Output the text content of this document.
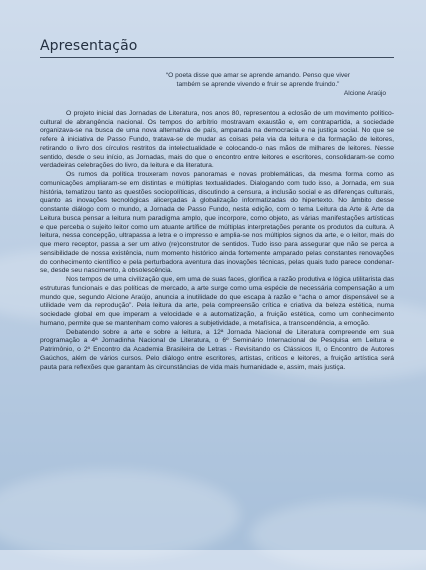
Apresentação
“O poeta disse que amar se aprende amando. Penso que viver
também se aprende vivendo e fruir se aprende fruindo.”
Alcione Araújo

O projeto inicial das Jornadas de Literatura, nos anos 80, representou a eclosão de um movimento político-cultural de abrangência nacional. Os tempos do arbítrio mostravam exaustão e, em contrapartida, a sociedade organizava-se na busca de uma nova alternativa de país, amparada na democracia e na justiça social. No que se refere à iniciativa de Passo Fundo, tratava-se de mudar as coisas pela via da leitura e da formação de leitores, retirando o livro dos círculos restritos da intelectualidade e colocando-o nas mãos de milhares de leitores. Nesse sentido, desde o seu início, as Jornadas, mais do que o encontro entre leitores e escritores, consolidaram-se como verdadeiras celebrações do livro, da leitura e da literatura.

Os rumos da política trouxeram novos panoramas e novas problemáticas, da mesma forma como as comunicações ampliaram-se em distintas e múltiplas textualidades. Dialogando com tudo isso, a Jornada, em sua história, tematizou tanto as questões sociopolíticas, discutindo a censura, a inclusão social e as diferenças culturais, quanto as inovações tecnológicas alicerçadas à globalização informatizadas do hipertexto. No âmbito desse constante diálogo com o mundo, a Jornada de Passo Fundo, nesta edição, com o tema Leitura da Arte & Arte da Leitura busca pensar a leitura num paradigma amplo, que incorpore, como objeto, as várias manifestações artísticas e que perceba o sujeito leitor como um atuante artífice de múltiplas interpretações perante os produtos da cultura. A leitura, nessa concepção, ultrapassa a letra e o impresso e amplia-se nos múltiplos signos da arte, e o leitor, mais do que mero receptor, passa a ser um ativo (re)construtor de sentidos. Tudo isso para assegurar que não se perca a sensibilidade de nossa existência, num momento histórico ainda fortemente amparado pelas constantes renovações do conhecimento científico e pela perturbadora aventura das inovações técnicas, pelas quais tudo parece condenar-se, desde seu nascimento, à obsolescência.

Nos tempos de uma civilização que, em uma de suas faces, glorifica a razão produtiva e lógica utilitarista das estruturas funcionais e das políticas de mercado, a arte surge como uma espécie de necessária compensação a um mundo que, segundo Alcione Araújo, anuncia a inutilidade do que escapa à razão e “acha o amor dispensável se a utilidade vem da reprodução”. Pela leitura da arte, pela compreensão crítica e criativa da beleza estética, numa sociedade global em que imperam a velocidade e a automatização, a fruição estética, como um conhecimento humano, permite que se mantenham como valores a subjetividade, a metafísica, a transcendência, a emoção.

Debatendo sobre a arte e sobre a leitura, a 12ª Jornada Nacional de Literatura compreende em sua programação a 4ª Jornadinha Nacional de Literatura, o 6º Seminário Internacional de Pesquisa em Leitura e Patrimônio, o 2º Encontro da Academia Brasileira de Letras - Revisitando os Clássicos II, o Encontro de Autores Gaúchos, além de vários cursos. Pelo diálogo entre escritores, artistas, críticos e leitores, a fruição artística será pauta para reflexões que garantam às circunstâncias de vida mais humanidade e, assim, mais justiça.
